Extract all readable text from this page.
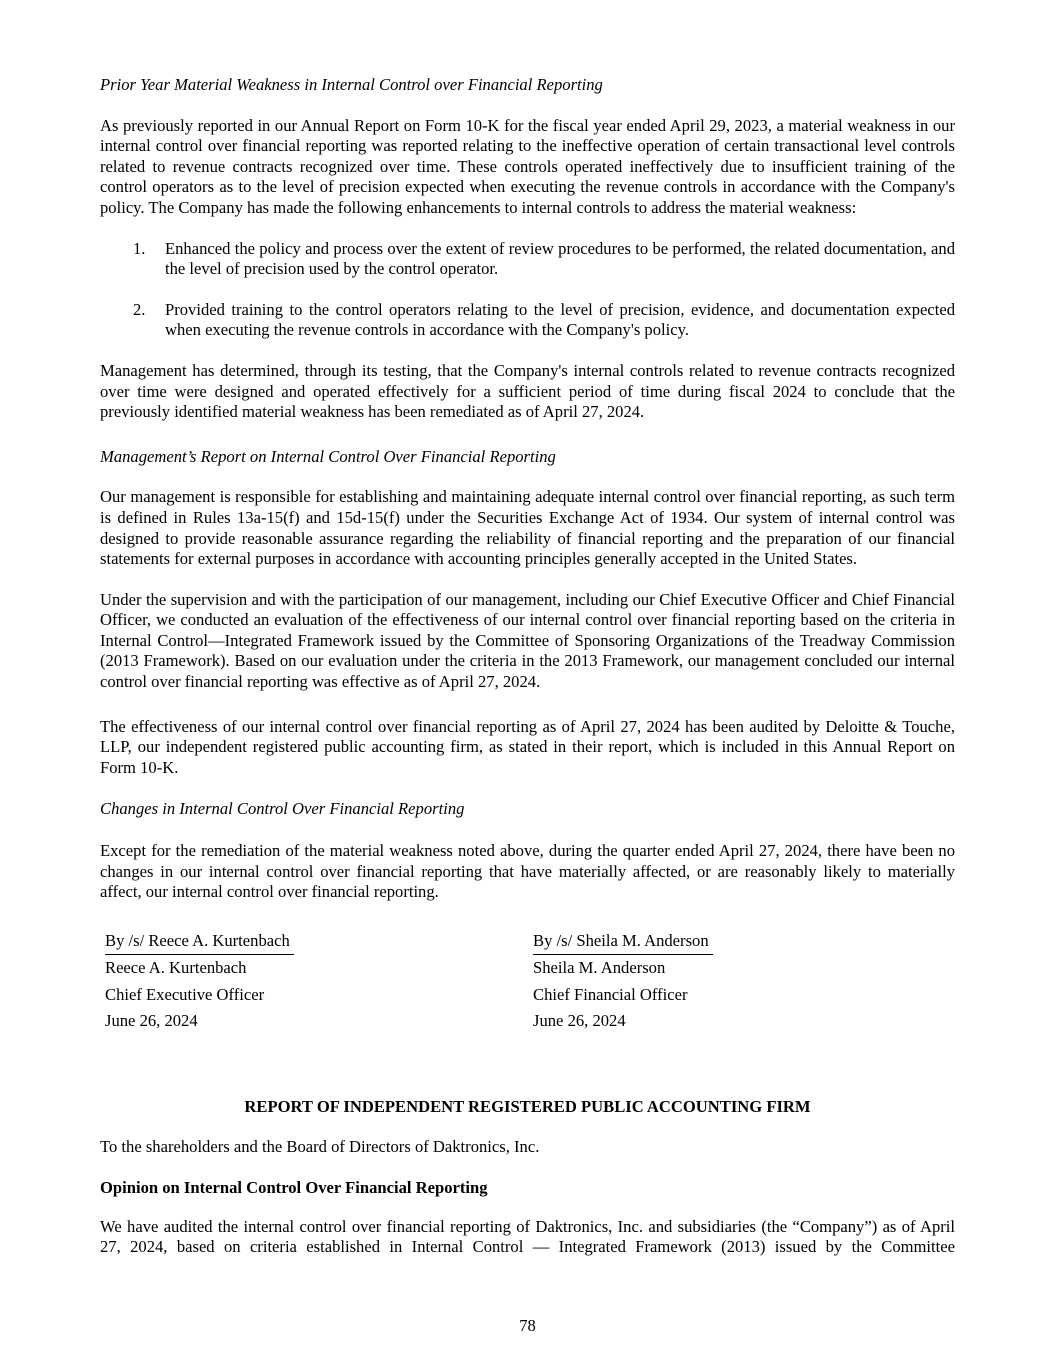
Prior Year Material Weakness in Internal Control over Financial Reporting

As previously reported in our Annual Report on Form 10-K for the fiscal year ended April 29, 2023, a material weakness in our internal control over financial reporting was reported relating to the ineffective operation of certain transactional level controls related to revenue contracts recognized over time. These controls operated ineffectively due to insufficient training of the control operators as to the level of precision expected when executing the revenue controls in accordance with the Company's policy. The Company has made the following enhancements to internal controls to address the material weakness:

1.	Enhanced the policy and process over the extent of review procedures to be performed, the related documentation, and the level of precision used by the control operator.
2.	Provided training to the control operators relating to the level of precision, evidence, and documentation expected when executing the revenue controls in accordance with the Company's policy.

Management has determined, through its testing, that the Company's internal controls related to revenue contracts recognized over time were designed and operated effectively for a sufficient period of time during fiscal 2024 to conclude that the previously identified material weakness has been remediated as of April 27, 2024.

Management’s Report on Internal Control Over Financial Reporting

Our management is responsible for establishing and maintaining adequate internal control over financial reporting, as such term is defined in Rules 13a-15(f) and 15d-15(f) under the Securities Exchange Act of 1934. Our system of internal control was designed to provide reasonable assurance regarding the reliability of financial reporting and the preparation of our financial statements for external purposes in accordance with accounting principles generally accepted in the United States.

Under the supervision and with the participation of our management, including our Chief Executive Officer and Chief Financial Officer, we conducted an evaluation of the effectiveness of our internal control over financial reporting based on the criteria in Internal Control—Integrated Framework issued by the Committee of Sponsoring Organizations of the Treadway Commission (2013 Framework). Based on our evaluation under the criteria in the 2013 Framework, our management concluded our internal control over financial reporting was effective as of April 27, 2024.

The effectiveness of our internal control over financial reporting as of April 27, 2024 has been audited by Deloitte & Touche, LLP, our independent registered public accounting firm, as stated in their report, which is included in this Annual Report on Form 10-K.

Changes in Internal Control Over Financial Reporting

Except for the remediation of the material weakness noted above, during the quarter ended April 27, 2024, there have been no changes in our internal control over financial reporting that have materially affected, or are reasonably likely to materially affect, our internal control over financial reporting.

By /s/ Reece A. Kurtenbach
Reece A. Kurtenbach
Chief Executive Officer
June 26, 2024
By /s/ Sheila M. Anderson
Sheila M. Anderson
Chief Financial Officer
June 26, 2024

REPORT OF INDEPENDENT REGISTERED PUBLIC ACCOUNTING FIRM

To the shareholders and the Board of Directors of Daktronics, Inc.

Opinion on Internal Control Over Financial Reporting

We have audited the internal control over financial reporting of Daktronics, Inc. and subsidiaries (the “Company”) as of April 27, 2024, based on criteria established in Internal Control — Integrated Framework (2013) issued by the Committee

78
